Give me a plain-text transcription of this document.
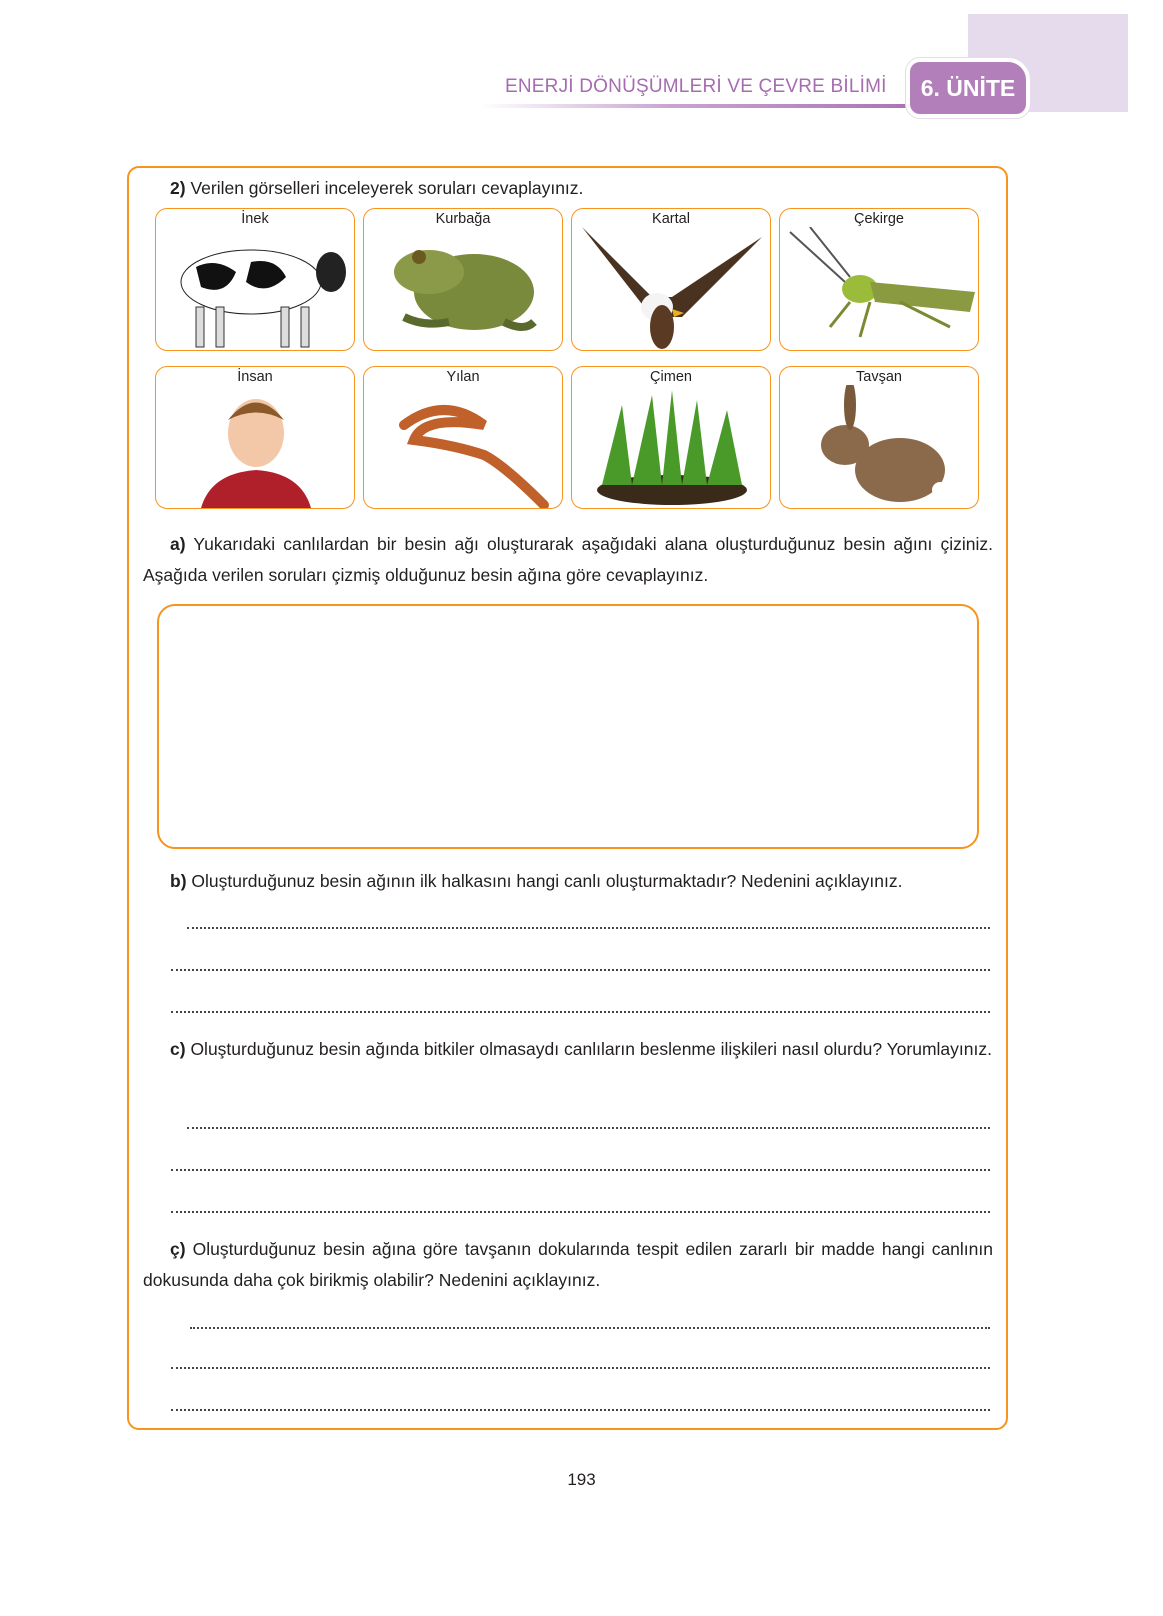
ENERJİ DÖNÜŞÜMLERİ VE ÇEVRE BİLİMİ	6. ÜNİTE
2) Verilen görselleri inceleyerek soruları cevaplayınız.
İnek	Kurbağa	Kartal	Çekirge
İnsan	Yılan	Çimen	Tavşan
a) Yukarıdaki canlılardan bir besin ağı oluşturarak aşağıdaki alana oluşturduğunuz besin ağını çiziniz. Aşağıda verilen soruları çizmiş olduğunuz besin ağına göre cevaplayınız.
b) Oluşturduğunuz besin ağının ilk halkasını hangi canlı oluşturmaktadır? Nedenini açıklayınız.
c) Oluşturduğunuz besin ağında bitkiler olmasaydı canlıların beslenme ilişkileri nasıl olurdu? Yorumlayınız.
ç) Oluşturduğunuz besin ağına göre tavşanın dokularında tespit edilen zararlı bir madde hangi canlının dokusunda daha çok birikmiş olabilir? Nedenini açıklayınız.
193
